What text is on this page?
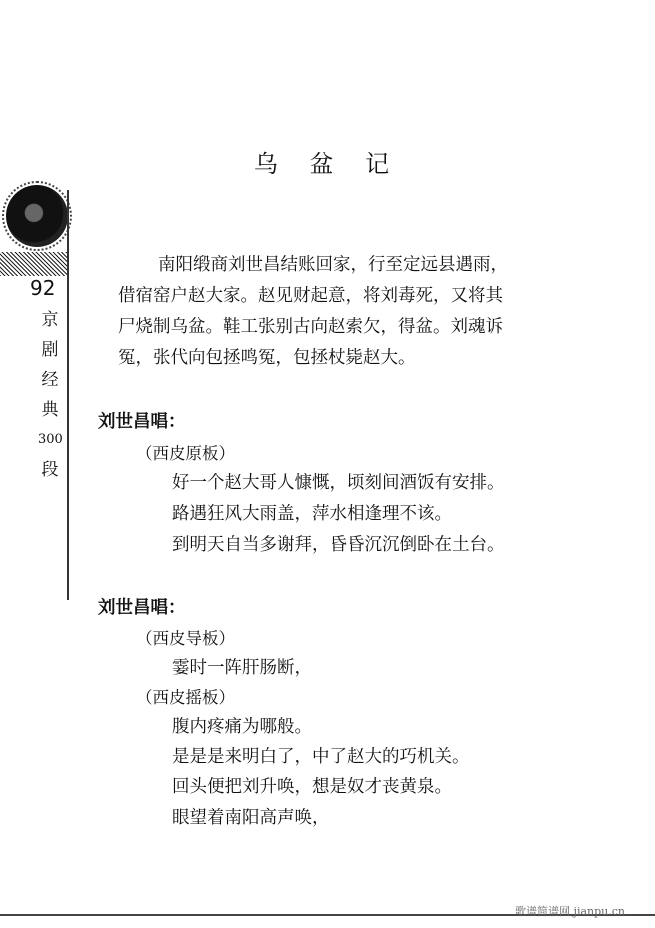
乌 盆 记
92
京
剧
经
典
300
段

南阳缎商刘世昌结账回家，行至定远县遇雨，

借宿窑户赵大家。赵见财起意，将刘毒死，又将其

尸烧制乌盆。鞋工张别古向赵索欠，得盆。刘魂诉

冤，张代向包拯鸣冤，包拯杖毙赵大。

刘世昌唱：
（西皮原板）
好一个赵大哥人慷慨，顷刻间酒饭有安排。
路遇狂风大雨盖，萍水相逢理不该。
到明天自当多谢拜，昏昏沉沉倒卧在土台。
刘世昌唱：
（西皮导板）
霎时一阵肝肠断，
（西皮摇板）
腹内疼痛为哪般。
是是是来明白了，中了赵大的巧机关。
回头便把刘升唤，想是奴才丧黄泉。
眼望着南阳高声唤，
歌谱简谱网 jianpu.cn
